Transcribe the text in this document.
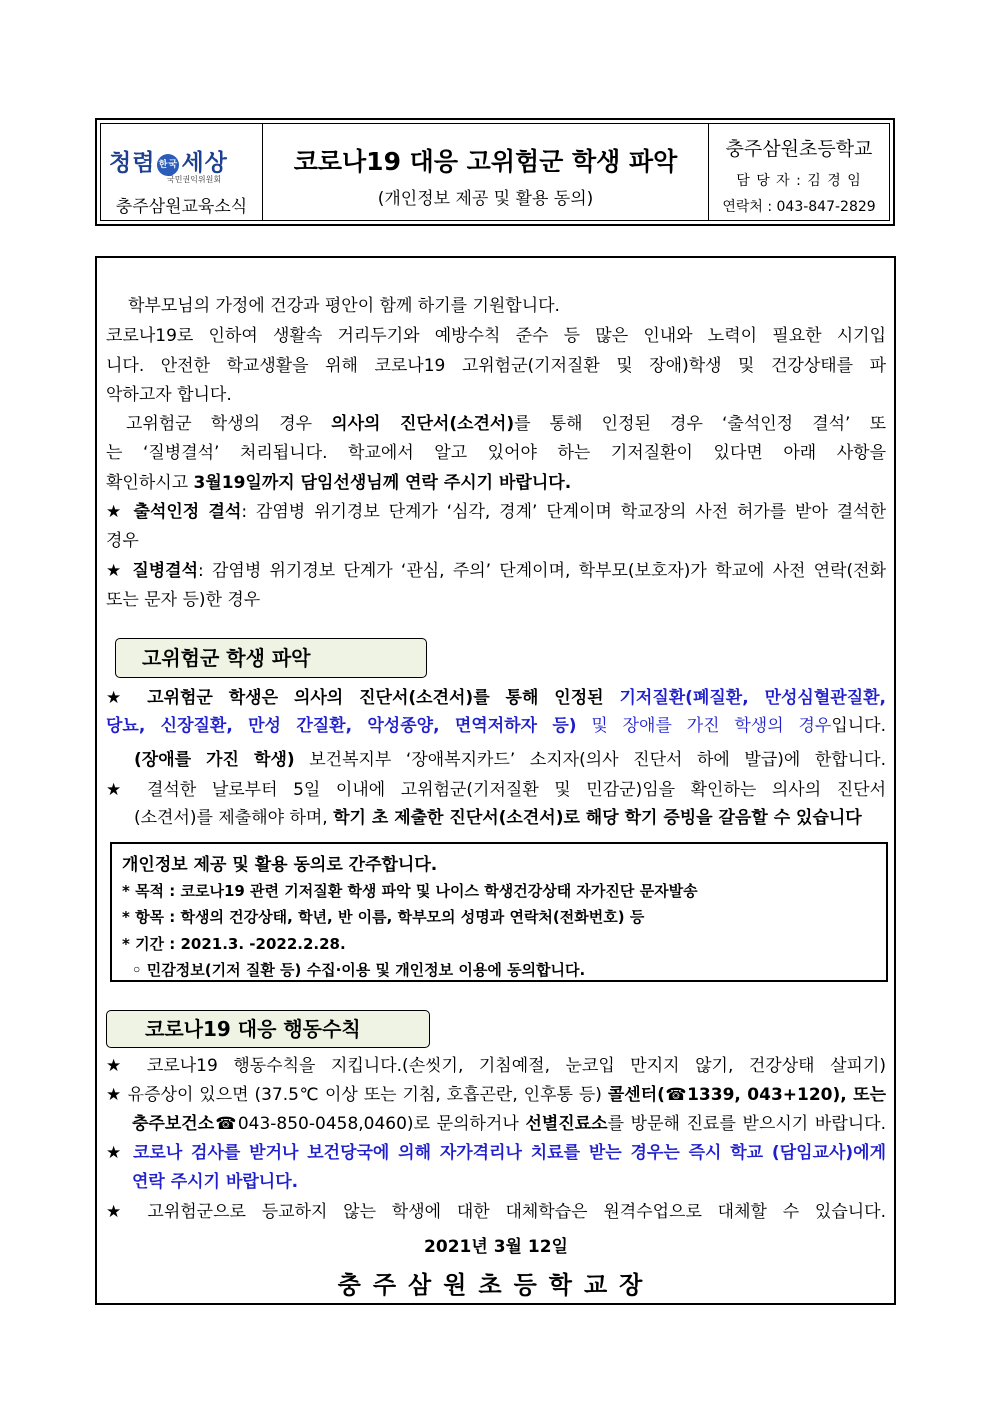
청렴 한국 세상
국민권익위원회
충주삼원교육소식
코로나19 대응 고위험군 학생 파악
(개인정보 제공 및 활용 동의)
충주삼원초등학교
담 당 자 : 김 경 임
연락처 : 043-847-2829
학부모님의 가정에 건강과 평안이 함께 하기를 기원합니다.
코로나19로 인하여 생활속 거리두기와 예방수칙 준수 등 많은 인내와 노력이 필요한 시기입
니다. 안전한 학교생활을 위해 코로나19 고위험군(기저질환 및 장애)학생 및 건강상태를 파
악하고자 합니다.
고위험군 학생의 경우 의사의 진단서(소견서)를 통해 인정된 경우 ‘출석인정 결석’ 또
는 ‘질병결석’ 처리됩니다. 학교에서 알고 있어야 하는 기저질환이 있다면 아래 사항을
확인하시고 3월19일까지 담임선생님께 연락 주시기 바랍니다.
★ 출석인정 결석: 감염병 위기경보 단계가 ‘심각, 경계’ 단계이며 학교장의 사전 허가를 받아 결석한
경우
★ 질병결석: 감염병 위기경보 단계가 ‘관심, 주의’ 단계이며, 학부모(보호자)가 학교에 사전 연락(전화
또는 문자 등)한 경우
고위험군 학생 파악
★ 고위험군 학생은 의사의 진단서(소견서)를 통해 인정된 기저질환(폐질환, 만성심혈관질환,
당뇨, 신장질환, 만성 간질환, 악성종양, 면역저하자 등) 및 장애를 가진 학생의 경우입니다.
(장애를 가진 학생) 보건복지부 ‘장애복지카드’ 소지자(의사 진단서 하에 발급)에 한합니다.
★ 결석한 날로부터 5일 이내에 고위험군(기저질환 및 민감군)임을 확인하는 의사의 진단서
(소견서)를 제출해야 하며, 학기 초 제출한 진단서(소견서)로 해당 학기 증빙을 갈음할 수 있습니다
개인정보 제공 및 활용 동의로 간주합니다.
* 목적 : 코로나19 관련 기저질환 학생 파악 및 나이스 학생건강상태 자가진단 문자발송
* 항목 : 학생의 건강상태, 학년, 반 이름, 학부모의 성명과 연락처(전화번호) 등
* 기간 : 2021.3. -2022.2.28.
◦ 민감정보(기저 질환 등) 수집·이용 및 개인정보 이용에 동의합니다.
코로나19 대응 행동수칙
★ 코로나19 행동수칙을 지킵니다.(손씻기, 기침예절, 눈코입 만지지 않기, 건강상태 살피기)
★ 유증상이 있으면 (37.5℃ 이상 또는 기침, 호흡곤란, 인후통 등) 콜센터(☎1339, 043+120), 또는
충주보건소☎043-850-0458,0460)로 문의하거나 선별진료소를 방문해 진료를 받으시기 바랍니다.
★ 코로나 검사를 받거나 보건당국에 의해 자가격리나 치료를 받는 경우는 즉시 학교 (담임교사)에게
연락 주시기 바랍니다.
★ 고위험군으로 등교하지 않는 학생에 대한 대체학습은 원격수업으로 대체할 수 있습니다.
2021년 3월 12일
충주삼원초등학교장
